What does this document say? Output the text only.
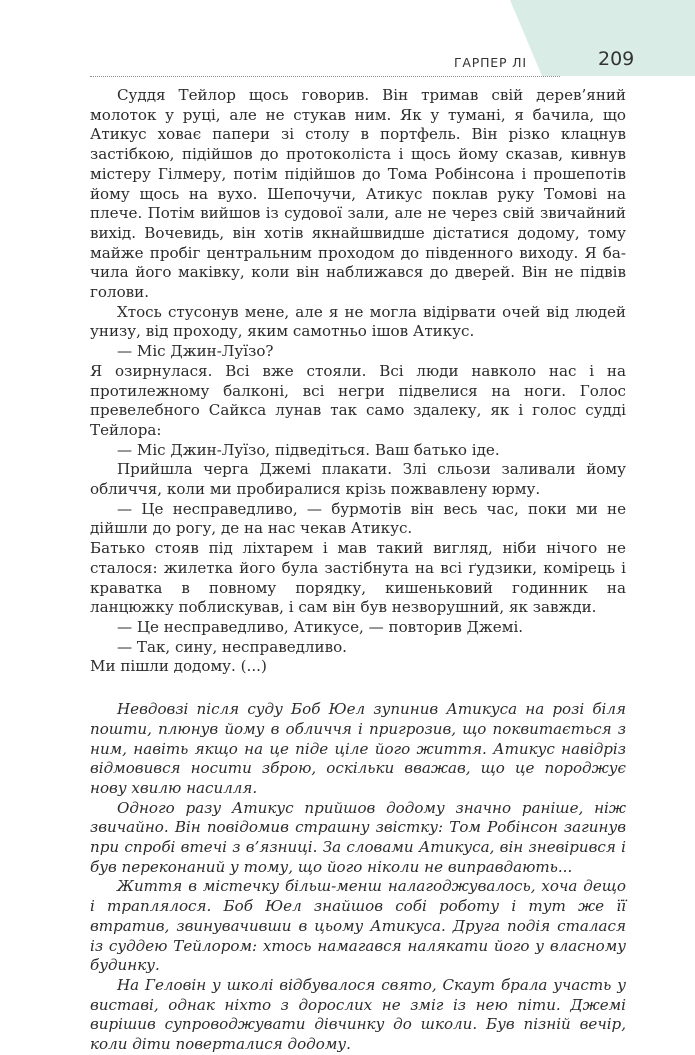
ГАРПЕР ЛІ	209

Суддя Тейлор щось говорив. Він тримав свій дерев’яний молоток у руці, але не стукав ним. Як у тумані, я бачила, що Атикус ховає папери зі столу в портфель. Він різко клацнув застібкою, підійшов до протоколіста і щось йому сказав, кивнув містеру Гілмеру, потім підійшов до Тома Робінсона і прошепотів йому щось на вухо. Шепочучи, Атикус поклав руку Томові на плече. Потім вийшов із судової зали, але не через свій звичайний вихід. Вочевидь, він хотів якнайшвидше дістатися додому, тому майже пробіг центральним проходом до південного виходу. Я бачила його маківку, коли він наближався до дверей. Він не підвів голови.

Хтось стусонув мене, але я не могла відірвати очей від людей унизу, від проходу, яким самотньо ішов Атикус.

— Міс Джин-Луїзо?

Я озирнулася. Всі вже стояли. Всі люди навколо нас і на протилежному балконі, всі негри підвелися на ноги. Голос превелебного Сайкса лунав так само здалеку, як і голос судді Тейлора:

— Міс Джин-Луїзо, підведіться. Ваш батько іде.

Прийшла черга Джемі плакати. Злі сльози заливали йому обличчя, коли ми пробиралися крізь пожвавлену юрму.

— Це несправедливо, — бурмотів він весь час, поки ми не дійшли до рогу, де на нас чекав Атикус.

Батько стояв під ліхтарем і мав такий вигляд, ніби нічого не сталося: жилетка його була застібнута на всі ґудзики, комірець і краватка в повному порядку, кишеньковий годинник на ланцюжку поблискував, і сам він був незворушний, як завжди.

— Це несправедливо, Атикусе, — повторив Джемі.

— Так, сину, несправедливо.

Ми пішли додому. (...)

Невдовзі після суду Боб Юел зупинив Атикуса на розі біля пошти, плюнув йому в обличчя і пригрозив, що поквитається з ним, навіть якщо на це піде ціле його життя. Атикус навідріз відмовився носити зброю, оскільки вважав, що це породжує нову хвилю насилля.

Одного разу Атикус прийшов додому значно раніше, ніж звичайно. Він повідомив страшну звістку: Том Робінсон загинув при спробі втечі з в’язниці. За словами Атикуса, він зневірився і був переконаний у тому, що його ніколи не виправдають...

Життя в містечку більш-менш налагоджувалось, хоча дещо і траплялося. Боб Юел знайшов собі роботу і тут же її втратив, звинувачивши в цьому Атикуса. Друга подія сталася із суддею Тейлором: хтось намагався налякати його у власному будинку.

На Геловін у школі відбувалося свято, Скаут брала участь у виставі, однак ніхто з дорослих не зміг із нею піти. Джемі вирішив супроводжувати дівчинку до школи. Був пізній вечір, коли діти поверталися додому.
